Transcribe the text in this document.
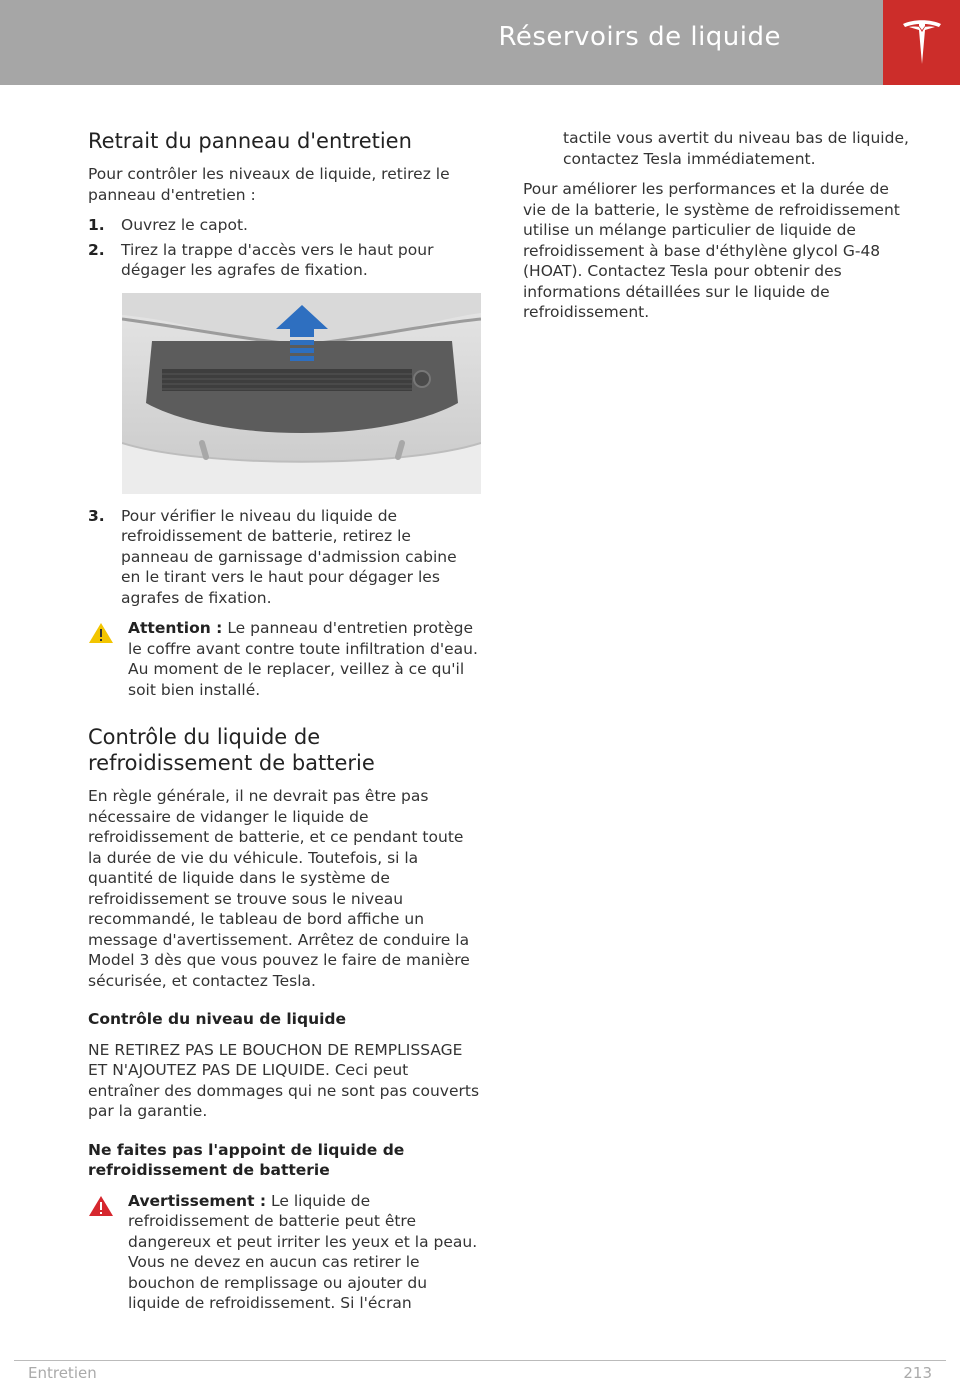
Réservoirs de liquide
Retrait du panneau d'entretien

Pour contrôler les niveaux de liquide, retirez le panneau d'entretien :

1.	Ouvrez le capot.
2.	Tirez la trappe d'accès vers le haut pour dégager les agrafes de fixation.
3.	Pour vérifier le niveau du liquide de refroidissement de batterie, retirez le panneau de garnissage d'admission cabine en le tirant vers le haut pour dégager les agrafes de fixation.
Attention : Le panneau d'entretien protège le coffre avant contre toute infiltration d'eau. Au moment de le replacer, veillez à ce qu'il soit bien installé.
Contrôle du liquide de refroidissement de batterie

En règle générale, il ne devrait pas être pas nécessaire de vidanger le liquide de refroidissement de batterie, et ce pendant toute la durée de vie du véhicule. Toutefois, si la quantité de liquide dans le système de refroidissement se trouve sous le niveau recommandé, le tableau de bord affiche un message d'avertissement. Arrêtez de conduire la Model 3 dès que vous pouvez le faire de manière sécurisée, et contactez Tesla.

Contrôle du niveau de liquide

NE RETIREZ PAS LE BOUCHON DE REMPLISSAGE ET N'AJOUTEZ PAS DE LIQUIDE. Ceci peut entraîner des dommages qui ne sont pas couverts par la garantie.

Ne faites pas l'appoint de liquide de refroidissement de batterie
Avertissement : Le liquide de refroidissement de batterie peut être dangereux et peut irriter les yeux et la peau. Vous ne devez en aucun cas retirer le bouchon de remplissage ou ajouter du liquide de refroidissement. Si l'écran
tactile vous avertit du niveau bas de liquide, contactez Tesla immédiatement.

Pour améliorer les performances et la durée de vie de la batterie, le système de refroidissement utilise un mélange particulier de liquide de refroidissement à base d'éthylène glycol G-48 (HOAT). Contactez Tesla pour obtenir des informations détaillées sur le liquide de refroidissement.

Entretien	213
